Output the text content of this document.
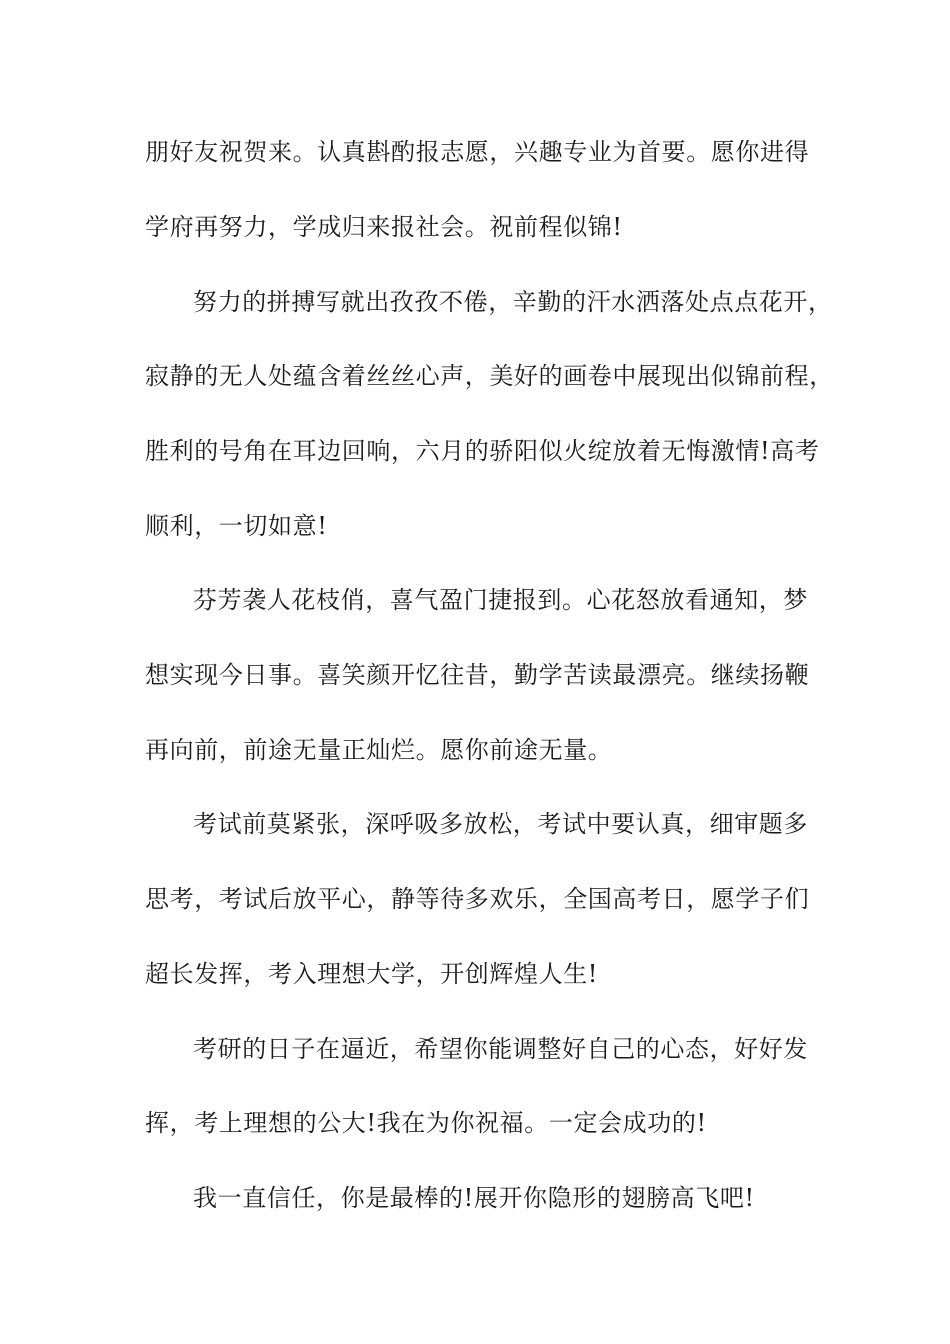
朋好友祝贺来。认真斟酌报志愿，兴趣专业为首要。愿你进得
学府再努力，学成归来报社会。祝前程似锦!
努力的拼搏写就出孜孜不倦，辛勤的汗水洒落处点点花开，
寂静的无人处蕴含着丝丝心声，美好的画卷中展现出似锦前程，
胜利的号角在耳边回响，六月的骄阳似火绽放着无悔激情!高考
顺利，一切如意!
芬芳袭人花枝俏，喜气盈门捷报到。心花怒放看通知，梦
想实现今日事。喜笑颜开忆往昔，勤学苦读最漂亮。继续扬鞭
再向前，前途无量正灿烂。愿你前途无量。
考试前莫紧张，深呼吸多放松，考试中要认真，细审题多
思考，考试后放平心，静等待多欢乐，全国高考日，愿学子们
超长发挥，考入理想大学，开创辉煌人生!
考研的日子在逼近，希望你能调整好自己的心态，好好发
挥，考上理想的公大!我在为你祝福。一定会成功的!
我一直信任，你是最棒的!展开你隐形的翅膀高飞吧!
